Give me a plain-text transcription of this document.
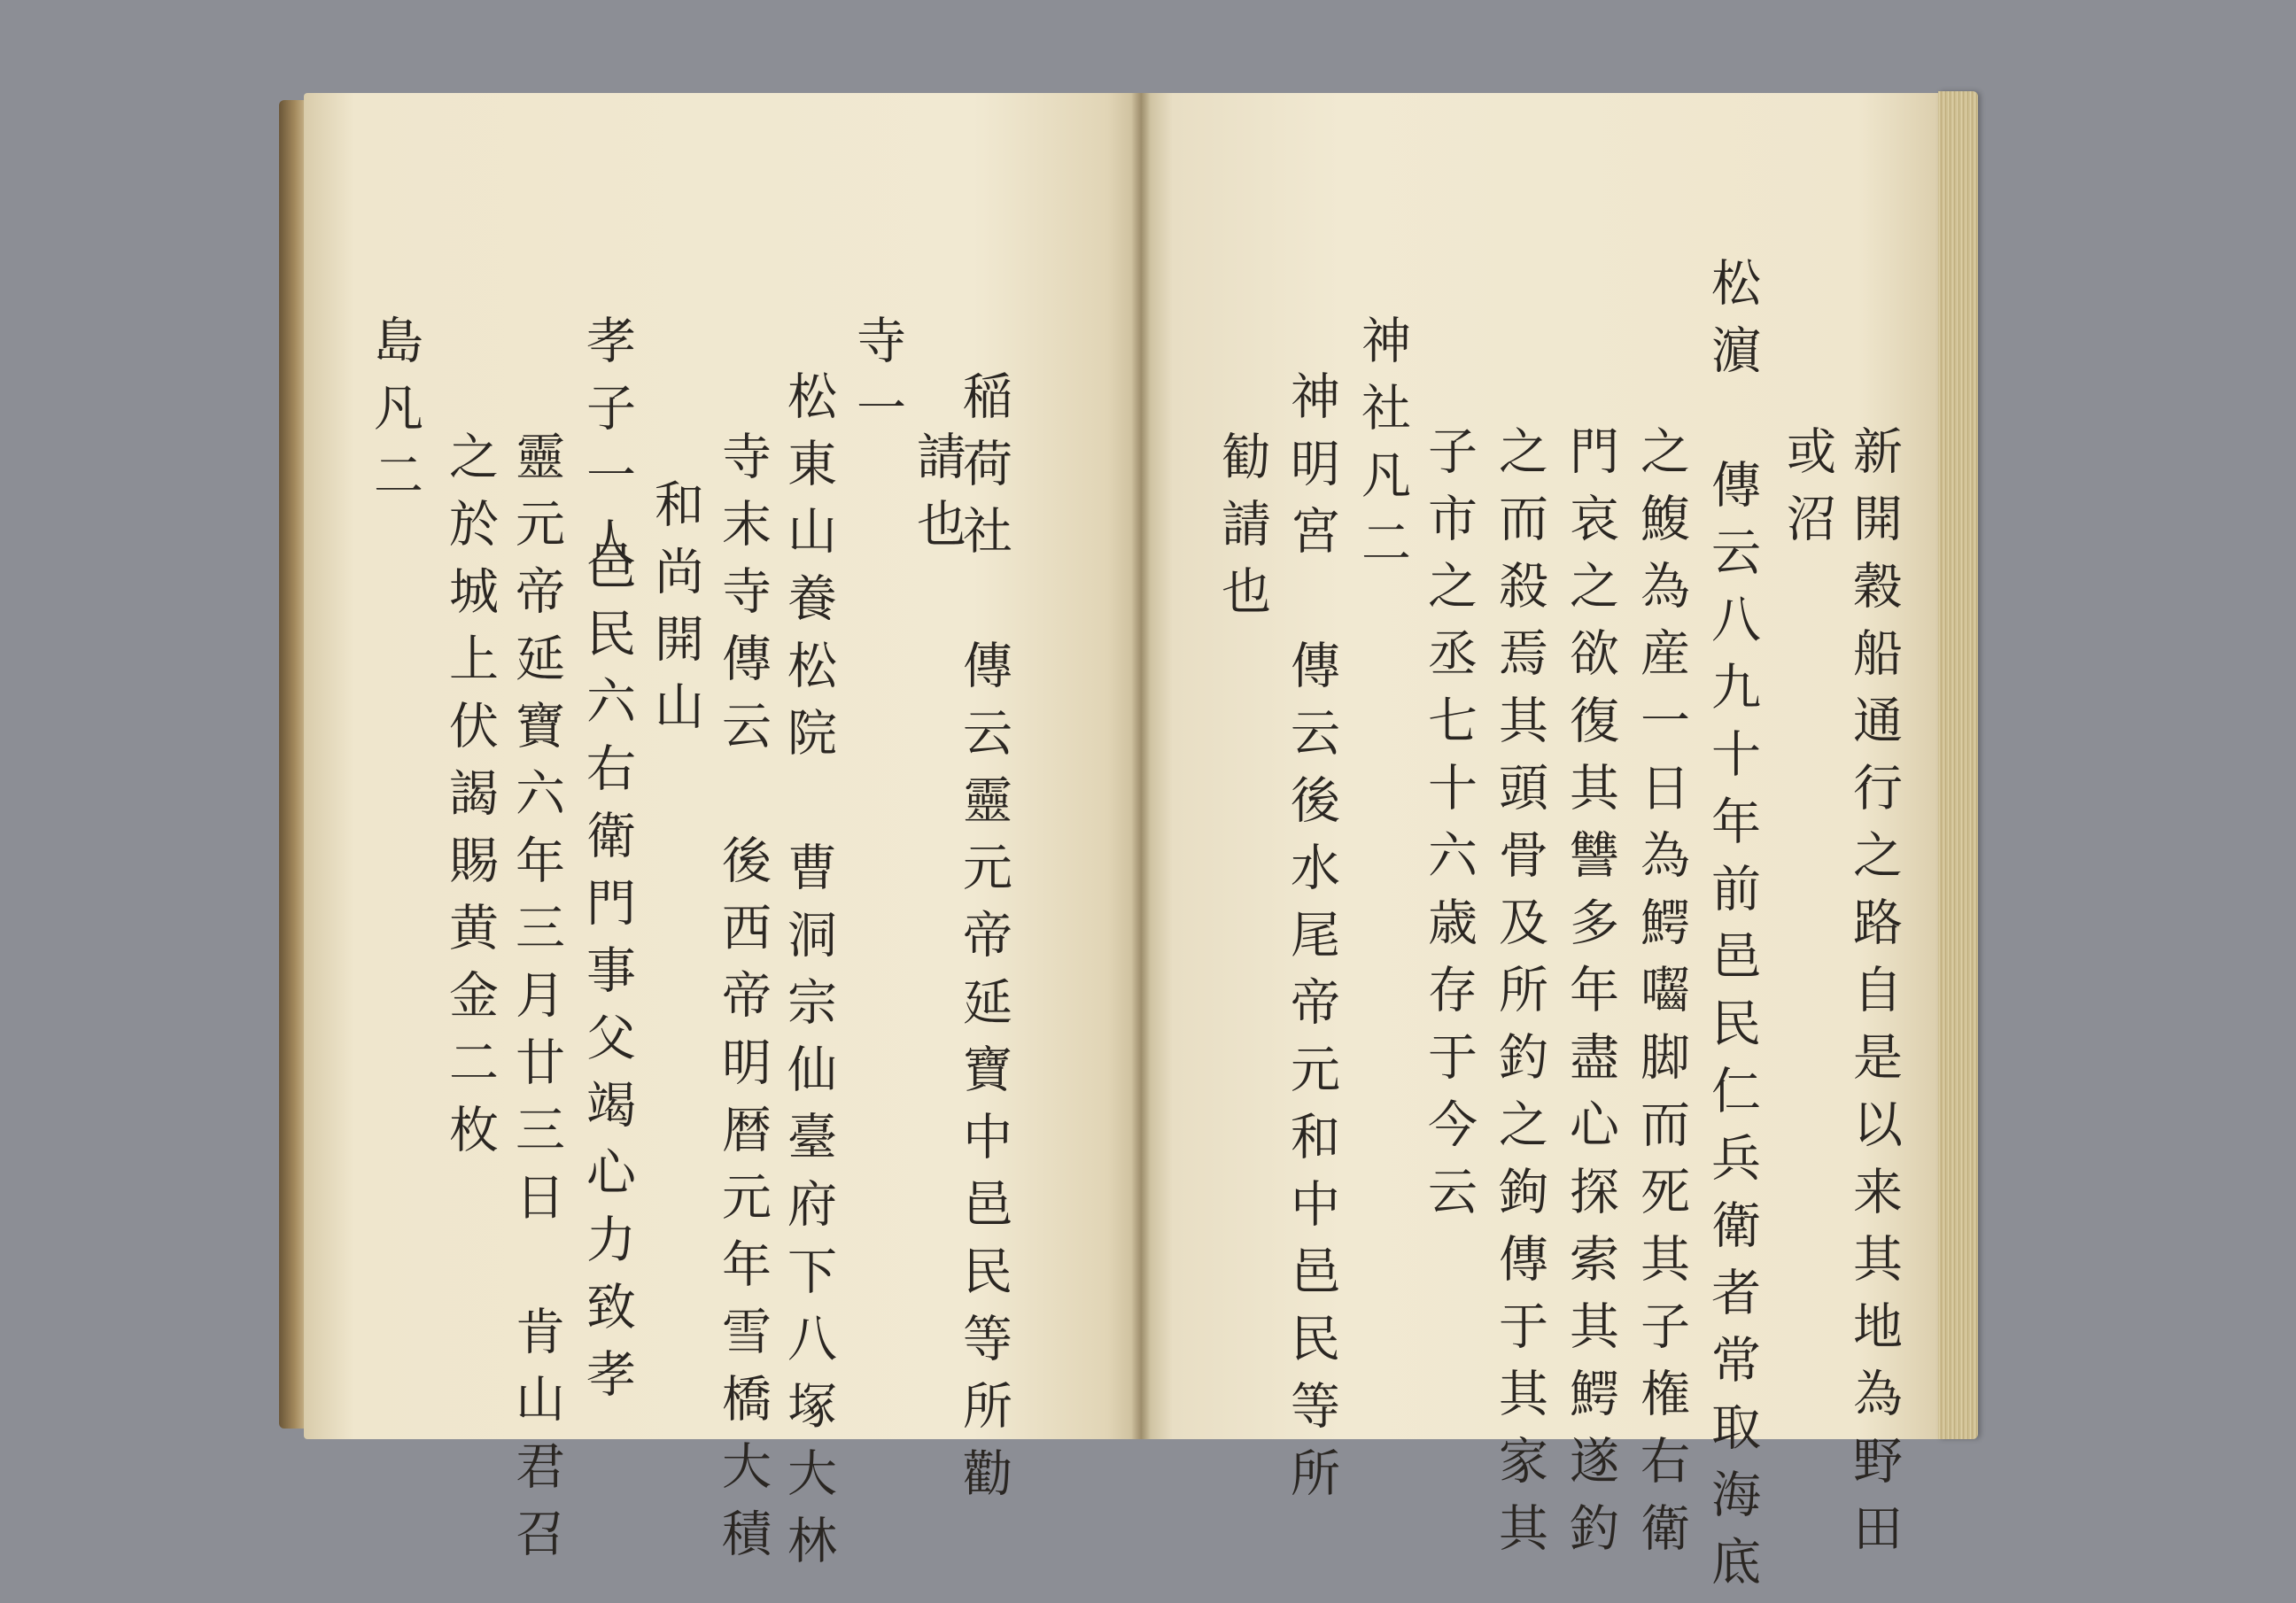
稲荷社　傳云靈元帝延寶中邑民等所勸
請也
寺一
松東山養松院　曹洞宗仙臺府下八塚大林
寺末寺傳云　後西帝明暦元年雪橋大積
和尚開山
孝子一人
靈元帝延寶六年三月廿三日　肯山君召 邑民六右衛門事父竭心力致孝
之於城上伏謁賜黄金二枚
島凡二
新開穀船通行之路自是以来其地為野田
或沼
松濵　傳云八九十年前邑民仁兵衛者常取海底
之鰒為産一日為鰐囓脚而死其子権右衛
門哀之欲復其讐多年盡心探索其鰐遂釣
之而殺焉其頭骨及所釣之鉤傳于其家其
子市之丞七十六歳存于今云
神社凡二
神明宮　傳云後水尾帝元和中邑民等所
勧請也
